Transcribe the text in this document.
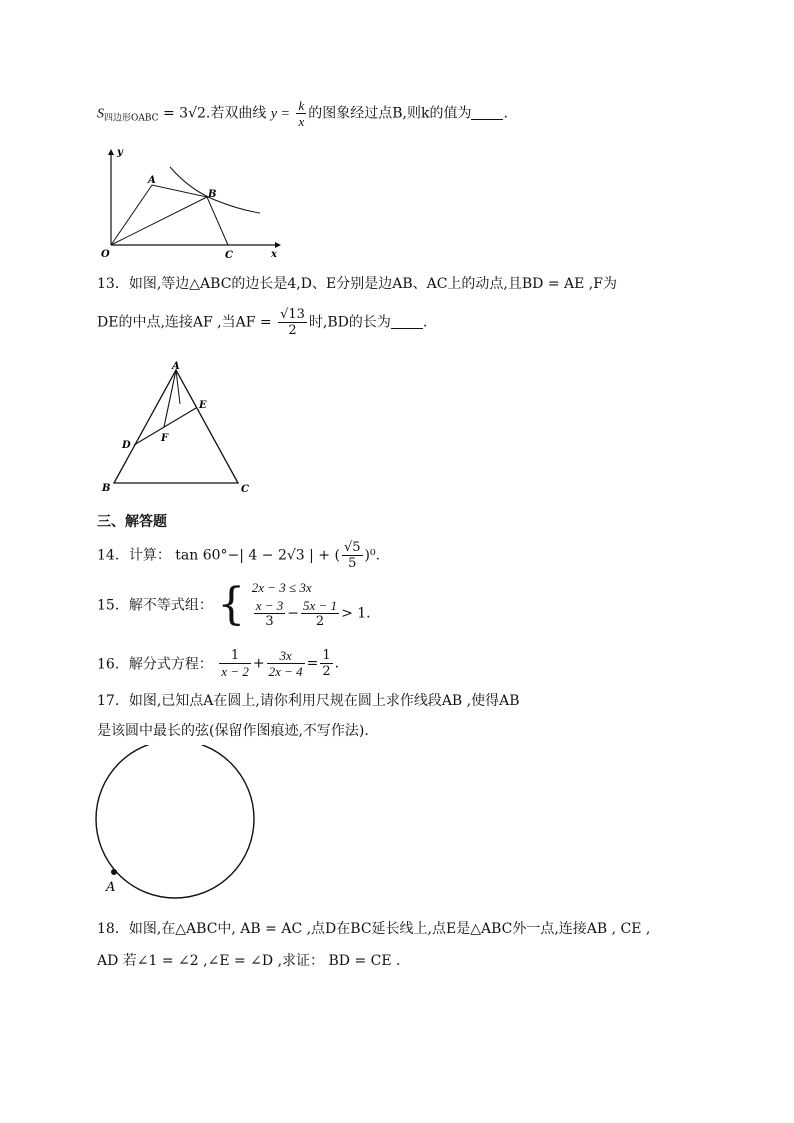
$S_{四边形OABC} = 3√2$.若双曲线 $y = \frac{k}{x}$ 的图象经过点B,则k的值为 .
y
x
O
A
B
C
13．如图,等边△ABC的边长是4,D、E分别是边AB、AC上的动点,且BD = AE ,F为
DE的中点,连接AF ,当AF = $\frac{√13}{2}$ 时,BD的长为 .
A
B	C
D
E
F
三、解答题
14．计算： tan 60°−| 4 − 2√3 | + ( $\frac{√5}{5} )^0$.
15．解不等式组： { 2x − 3 ≤ 3x
$\frac{x - 3}{3} - \frac{5x - 1}{2} > 1$.
16．解分式方程： $\frac{1}{x - 2} + \frac{3x}{2x - 4} = \frac{1}{2}$ .
17．如图,已知点A在圆上,请你利用尺规在圆上求作线段AB ,使得AB
是该圆中最长的弦(保留作图痕迹,不写作法).
A
18．如图,在△ABC中, AB = AC ,点D在BC延长线上,点E是△ABC外一点,连接AB , CE ,
AD 若∠1 = ∠2 ,∠E = ∠D ,求证： BD = CE .
